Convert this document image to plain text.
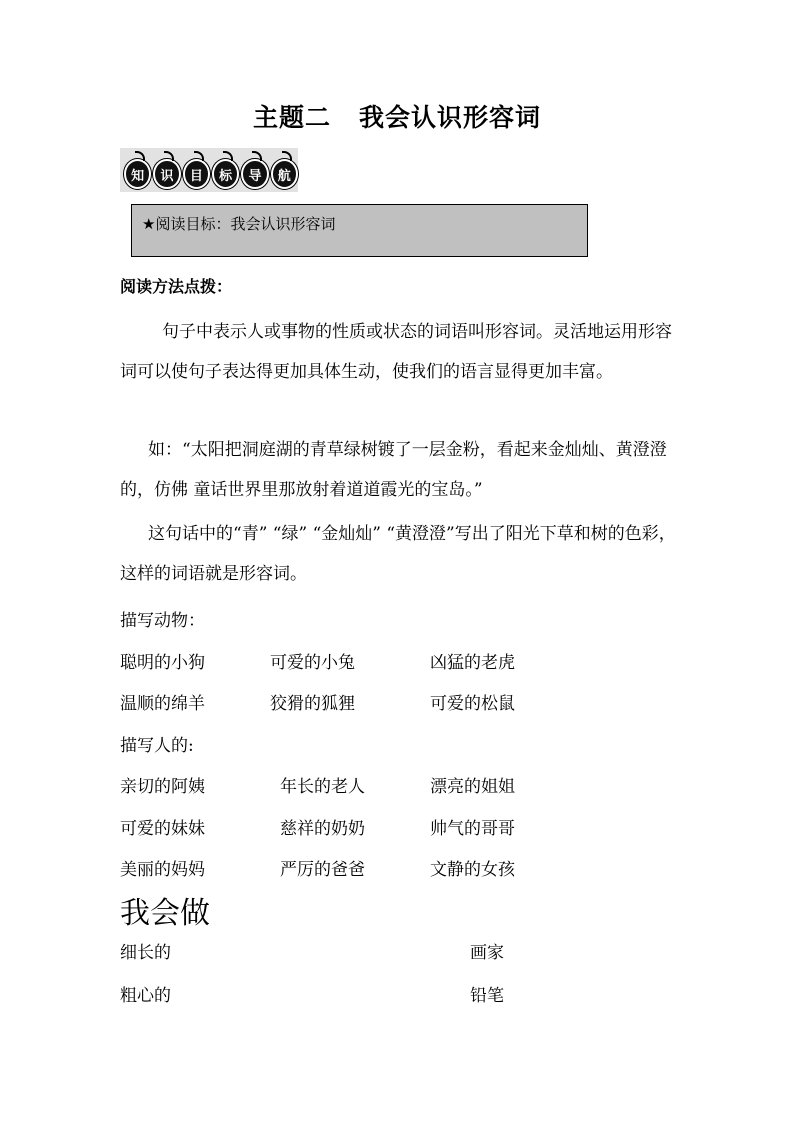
主题二 我会认识形容词
知	识	目	标	导	航
★阅读目标：我会认识形容词
阅读方法点拨：
句子中表示人或事物的性质或状态的词语叫形容词。灵活地运用形容词可以使句子表达得更加具体生动，使我们的语言显得更加丰富。
如：“太阳把洞庭湖的青草绿树镀了一层金粉，看起来金灿灿、黄澄澄的，仿佛 童话世界里那放射着道道霞光的宝岛。”
这句话中的“青” “绿” “金灿灿” “黄澄澄”写出了阳光下草和树的色彩，这样的词语就是形容词。
描写动物：
聪明的小狗	可爱的小兔	凶猛的老虎
温顺的绵羊	狡猾的狐狸	可爱的松鼠
描写人的:
亲切的阿姨	年长的老人	漂亮的姐姐
可爱的妹妹	慈祥的奶奶	帅气的哥哥
美丽的妈妈	严厉的爸爸	文静的女孩
我会做
细长的	画家
粗心的	铅笔
